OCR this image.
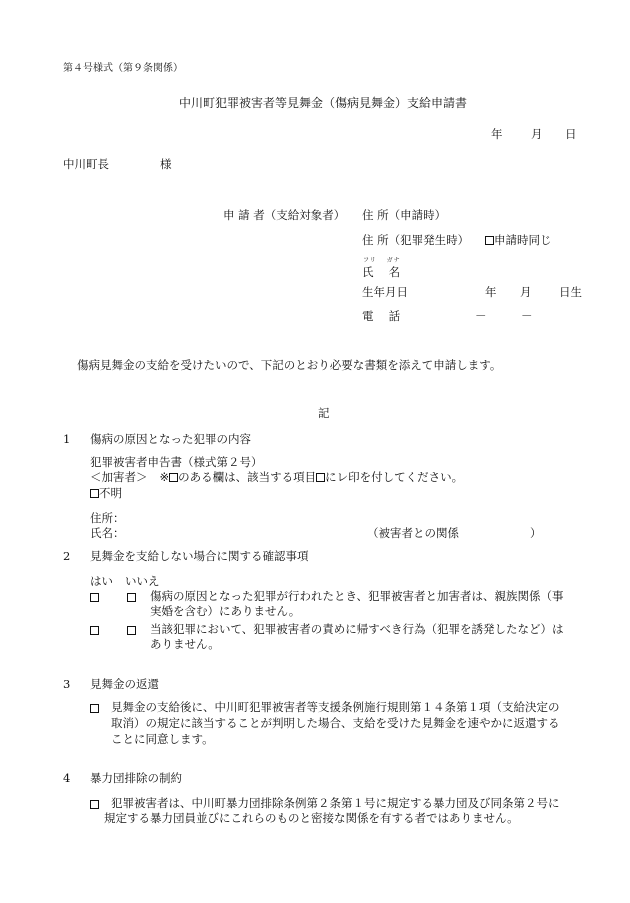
第４号様式（第９条関係）
中川町犯罪被害者等見舞金（傷病見舞金）支給申請書
年 月 日
中川町長	様
申 請 者（支給対象者） 住 所（申請時）
住 所（犯罪発生時）	申請時同じ
フリ　 ガナ
氏　 名
生年月日	年 月 日生
電　 話	－	－
傷病見舞金の支給を受けたいので、下記のとおり必要な書類を添えて申請します。
記
1 傷病の原因となった犯罪の内容
犯罪被害者申告書（様式第２号）
＜加害者＞ ※ のある欄は、該当する項目 にレ印を付してください。
不明
住所：
氏名：	（被害者との関係	）
2 見舞金を支給しない場合に関する確認事項
はい いいえ
傷病の原因となった犯罪が行われたとき、犯罪被害者と加害者は、親族関係（事
実婚を含む）にありません。
当該犯罪において、犯罪被害者の責めに帰すべき行為（犯罪を誘発したなど）は
ありません。
3 見舞金の返還
見舞金の支給後に、中川町犯罪被害者等支援条例施行規則第１４条第１項（支給決定の
取消）の規定に該当することが判明した場合、支給を受けた見舞金を速やかに返還する
ことに同意します。
4 暴力団排除の制約
犯罪被害者は、中川町暴力団排除条例第２条第１号に規定する暴力団及び同条第２号に
規定する暴力団員並びにこれらのものと密接な関係を有する者ではありません。
